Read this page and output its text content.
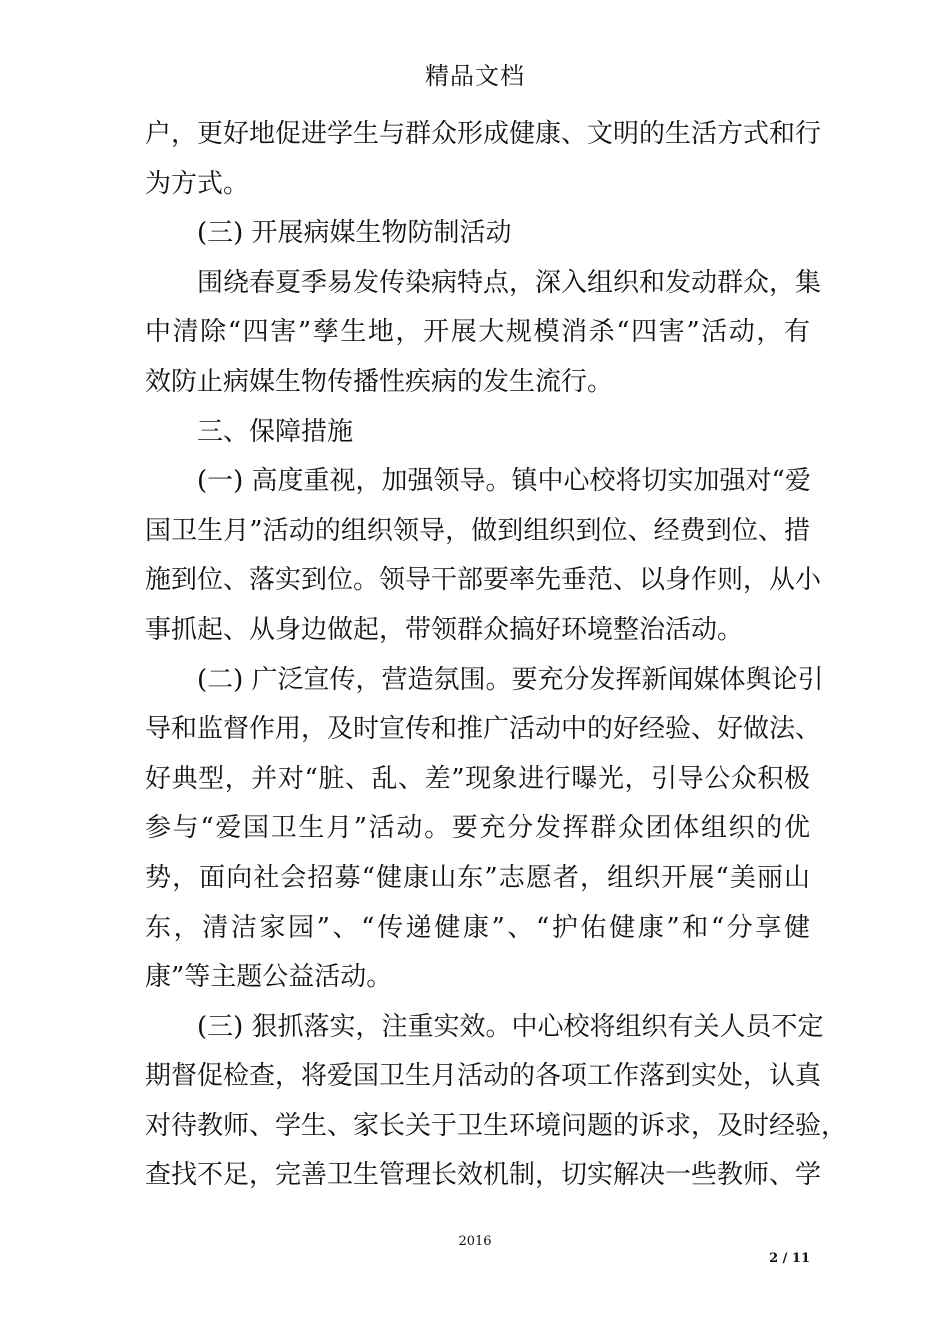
精品文档
户，更好地促进学生与群众形成健康、文明的生活方式和行
为方式。
(三) 开展病媒生物防制活动
围绕春夏季易发传染病特点，深入组织和发动群众，集
中清除“四害”孳生地，开展大规模消杀“四害”活动，有
效防止病媒生物传播性疾病的发生流行。
三、保障措施
(一) 高度重视，加强领导。镇中心校将切实加强对“爱
国卫生月”活动的组织领导，做到组织到位、经费到位、措
施到位、落实到位。领导干部要率先垂范、以身作则，从小
事抓起、从身边做起，带领群众搞好环境整治活动。
(二) 广泛宣传，营造氛围。要充分发挥新闻媒体舆论引
导和监督作用，及时宣传和推广活动中的好经验、好做法、
好典型，并对“脏、乱、差”现象进行曝光，引导公众积极
参与“爱国卫生月”活动。要充分发挥群众团体组织的优
势，面向社会招募“健康山东”志愿者，组织开展“美丽山
东，清洁家园”、“传递健康”、“护佑健康”和“分享健
康”等主题公益活动。
(三) 狠抓落实，注重实效。中心校将组织有关人员不定
期督促检查，将爱国卫生月活动的各项工作落到实处，认真
对待教师、学生、家长关于卫生环境问题的诉求，及时经验，
查找不足，完善卫生管理长效机制，切实解决一些教师、学
2016
2 / 11
